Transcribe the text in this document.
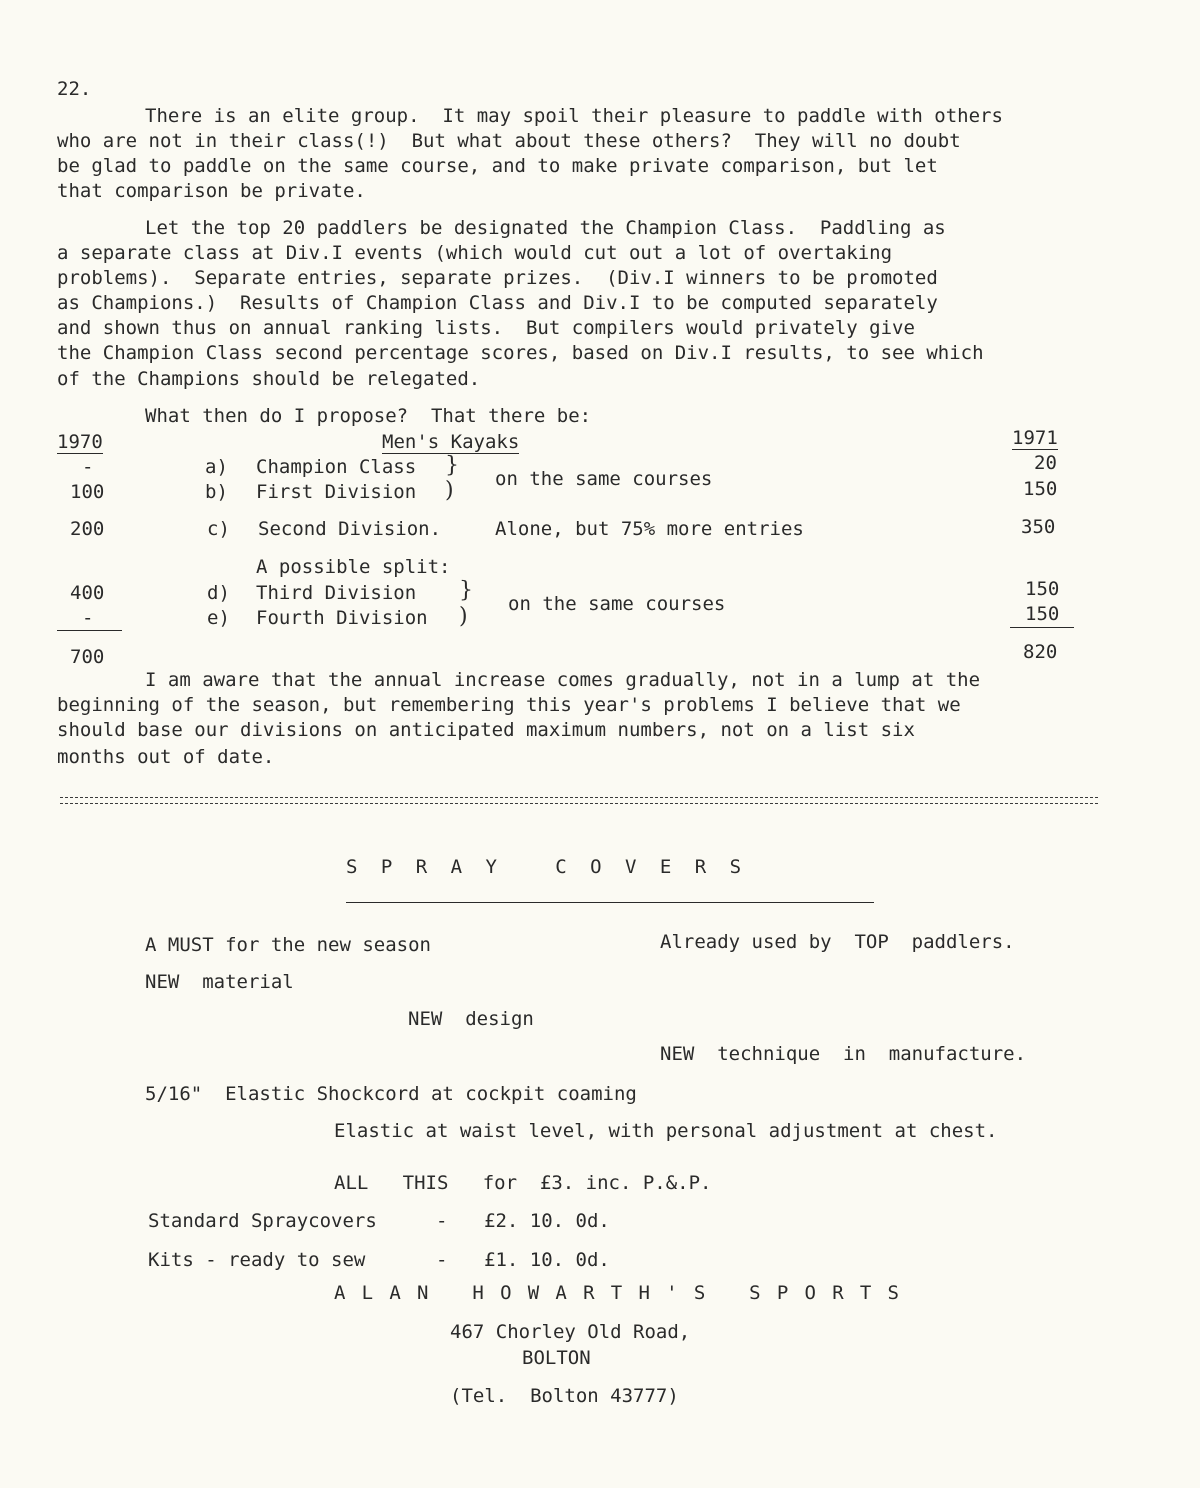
22.
There is an elite group.  It may spoil their pleasure to paddle with others
who are not in their class(!)  But what about these others?  They will no doubt
be glad to paddle on the same course, and to make private comparison, but let
that comparison be private.
Let the top 20 paddlers be designated the Champion Class.  Paddling as
a separate class at Div.I events (which would cut out a lot of overtaking
problems).  Separate entries, separate prizes.  (Div.I winners to be promoted
as Champions.)  Results of Champion Class and Div.I to be computed separately
and shown thus on annual ranking lists.  But compilers would privately give
the Champion Class second percentage scores, based on Div.I results, to see which
of the Champions should be relegated.
What then do I propose?  That there be:
1970	Men's Kayaks	1971
-	a) Champion Class	20
100	b) First Division	150
}
) on the same courses
200	c) Second Division.	Alone, but 75% more entries	350
A possible split:
400	d) Third Division	150
-	e) Fourth Division	150
}
) on the same courses
700	820
I am aware that the annual increase comes gradually, not in a lump at the
beginning of the season, but remembering this year's problems I believe that we
should base our divisions on anticipated maximum numbers, not on a list six
months out of date.
S P R A Y   C O V E R S
A MUST for the new season	Already used by  TOP  paddlers.
NEW  material
NEW  design
NEW  technique  in  manufacture.
5/16"  Elastic Shockcord at cockpit coaming
Elastic at waist level, with personal adjustment at chest.
ALL   THIS   for  £3. inc. P.&.P.
Standard Spraycovers	- £2. 10. 0d.
Kits - ready to sew	- £1. 10. 0d.
A L A N   H O W A R T H ' S   S P O R T S
467 Chorley Old Road,
BOLTON
(Tel.  Bolton 43777)
